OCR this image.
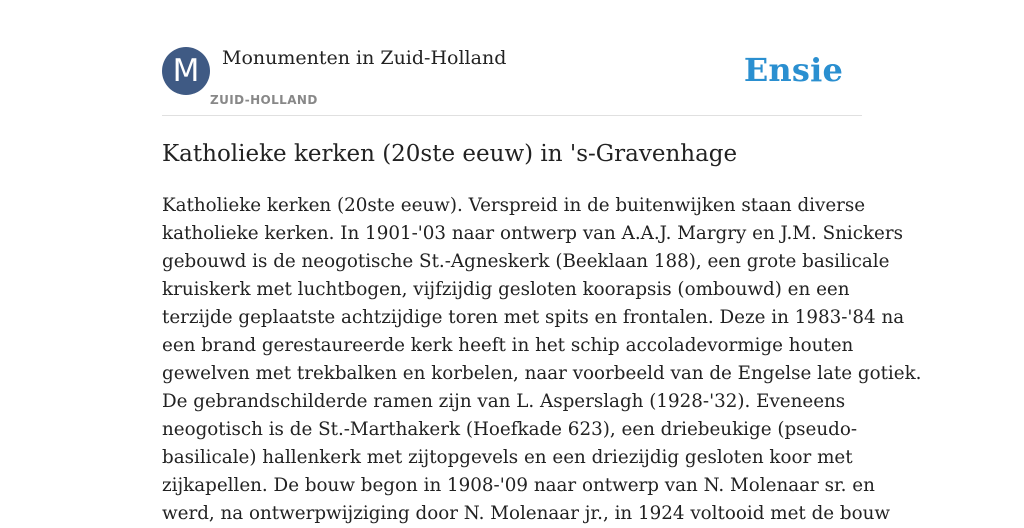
M	Monumenten in Zuid-Holland
ZUID-HOLLAND
Ensie
Katholieke kerken (20ste eeuw) in 's-Gravenhage
Katholieke kerken (20ste eeuw). Verspreid in de buitenwijken staan diverse
katholieke kerken. In 1901-'03 naar ontwerp van A.A.J. Margry en J.M. Snickers
gebouwd is de neogotische St.-Agneskerk (Beeklaan 188), een grote basilicale
kruiskerk met luchtbogen, vijfzijdig gesloten koorapsis (ombouwd) en een
terzijde geplaatste achtzijdige toren met spits en frontalen. Deze in 1983-'84 na
een brand gerestaureerde kerk heeft in het schip accoladevormige houten
gewelven met trekbalken en korbelen, naar voorbeeld van de Engelse late gotiek.
De gebrandschilderde ramen zijn van L. Asperslagh (1928-'32). Eveneens
neogotisch is de St.-Marthakerk (Hoefkade 623), een driebeukige (pseudo-
basilicale) hallenkerk met zijtopgevels en een driezijdig gesloten koor met
zijkapellen. De bouw begon in 1908-'09 naar ontwerp van N. Molenaar sr. en
werd, na ontwerpwijziging door N. Molenaar jr., in 1924 voltooid met de bouw
